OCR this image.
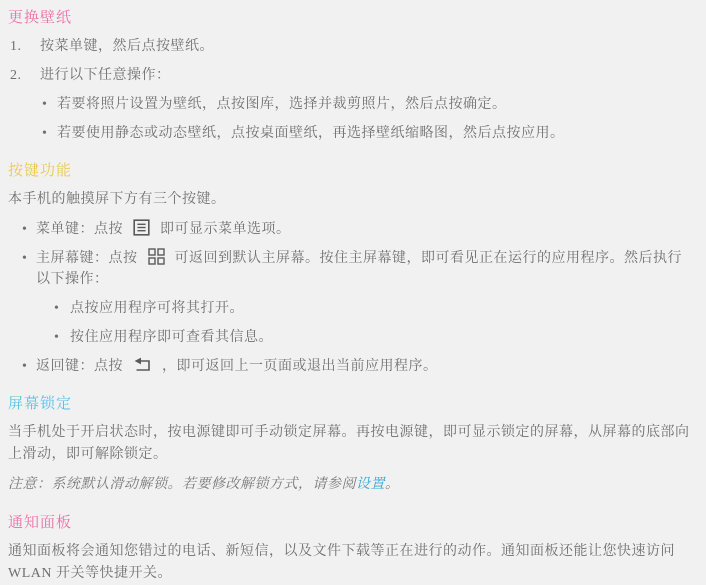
更换壁纸
1.	按菜单键，然后点按壁纸。
2.	进行以下任意操作：
• 若要将照片设置为壁纸，点按图库，选择并裁剪照片，然后点按确定。
• 若要使用静态或动态壁纸，点按桌面壁纸，再选择壁纸缩略图，然后点按应用。
按键功能

本手机的触摸屏下方有三个按键。

• 菜单键：点按	即可显示菜单选项。
• 主屏幕键：点按	可返回到默认主屏幕。按住主屏幕键，即可看见正在运行的应用程序。然后执行以下操作：
• 点按应用程序可将其打开。
• 按住应用程序即可查看其信息。
• 返回键：点按	，即可返回上一页面或退出当前应用程序。
屏幕锁定

当手机处于开启状态时，按电源键即可手动锁定屏幕。再按电源键，即可显示锁定的屏幕，从屏幕的底部向上滑动，即可解除锁定。

注意：系统默认滑动解锁。若要修改解锁方式，请参阅设置。

通知面板

通知面板将会通知您错过的电话、新短信，以及文件下载等正在进行的动作。通知面板还能让您快速访问 WLAN 开关等快捷开关。
